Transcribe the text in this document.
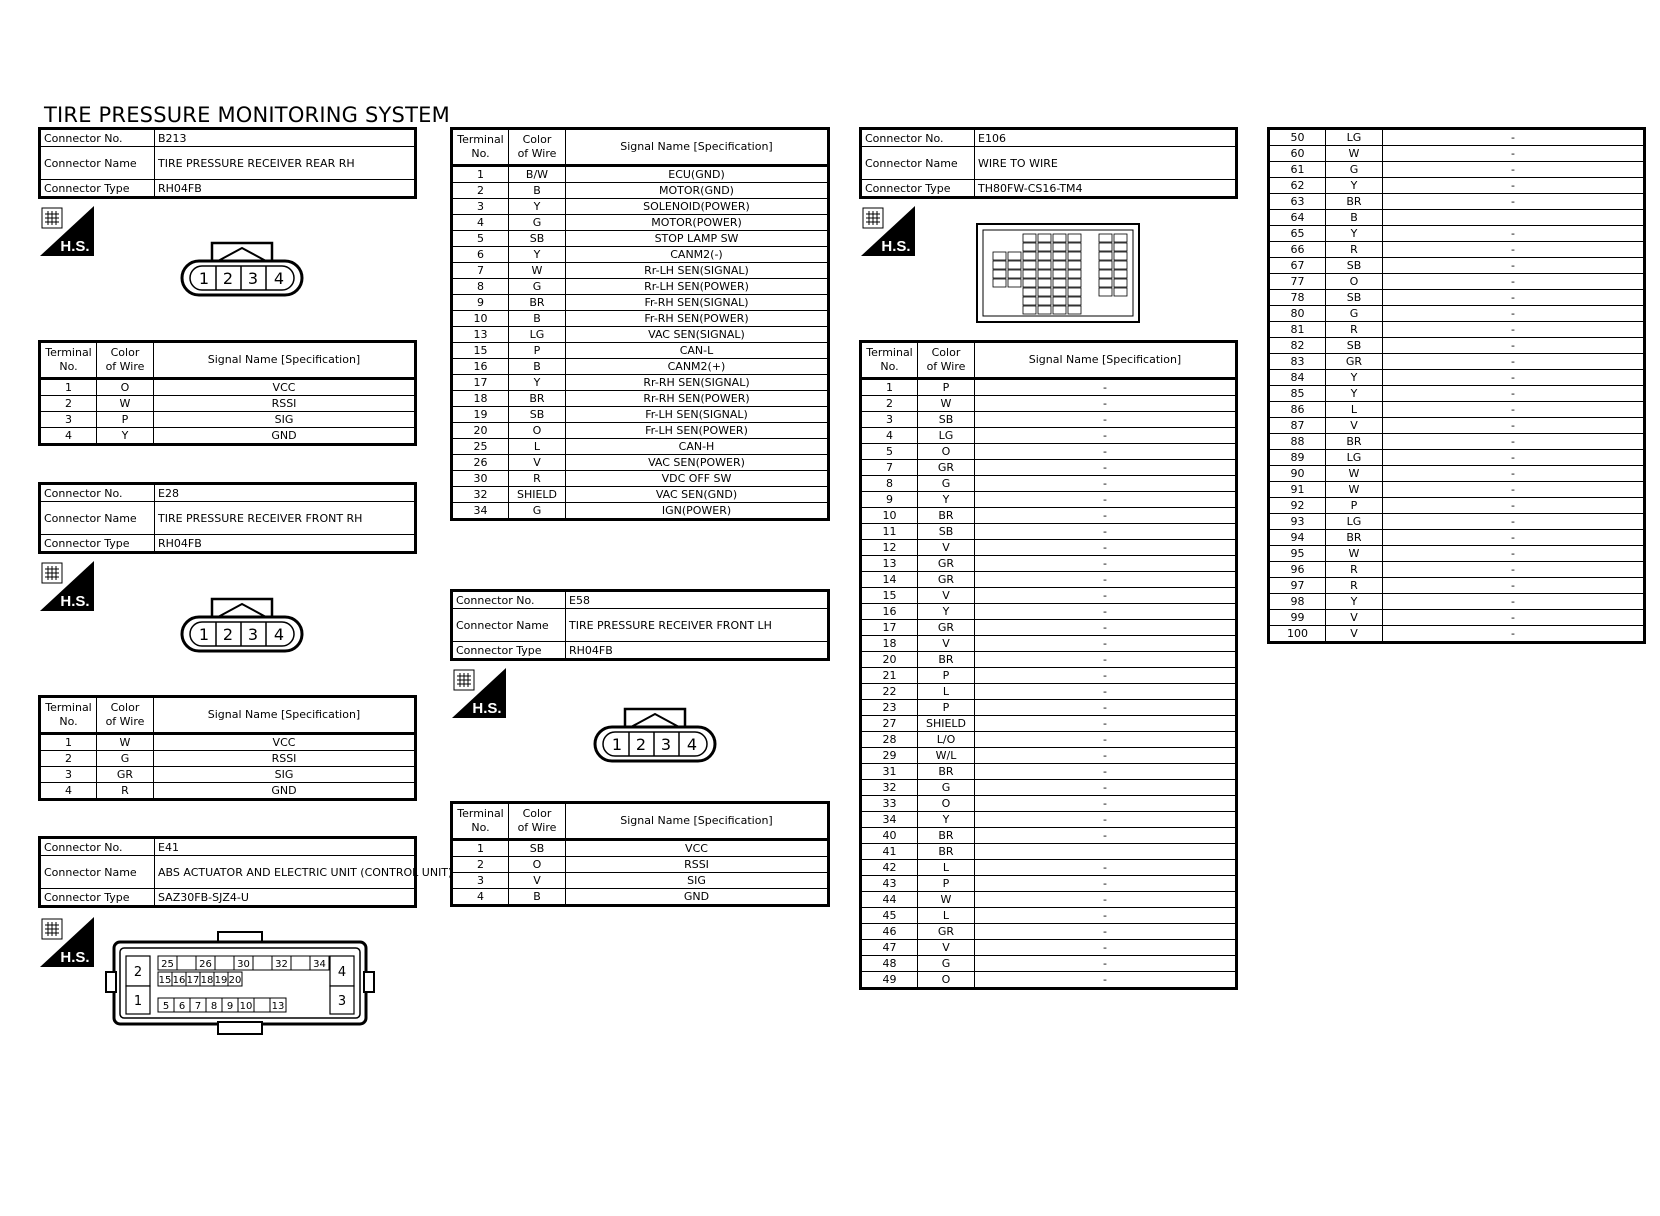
TIRE PRESSURE MONITORING SYSTEM
Connector No.	B213
Connector Name	TIRE PRESSURE RECEIVER REAR RH
Connector Type	RH04FB
H.S.
1 2 3 4
Terminal
No.	Color
of Wire	Signal Name [Specification]
1	O	VCC
2	W	RSSI
3	P	SIG
4	Y	GND
Connector No.	E28
Connector Name	TIRE PRESSURE RECEIVER FRONT RH
Connector Type	RH04FB
H.S.
1 2 3 4
Terminal
No.	Color
of Wire	Signal Name [Specification]
1	W	VCC
2	G	RSSI
3	GR	SIG
4	R	GND
Connector No.	E41
Connector Name	ABS ACTUATOR AND ELECTRIC UNIT (CONTROL UNIT)
Connector Type	SAZ30FB-SJZ4-U
H.S.
2
1
4
3
25	26	30	32	34
15 16 17 18 19 20
5 6 7 8 9 10 13
Terminal
No.	Color
of Wire	Signal Name [Specification]
1	B/W	ECU(GND)
2	B	MOTOR(GND)
3	Y	SOLENOID(POWER)
4	G	MOTOR(POWER)
5	SB	STOP LAMP SW
6	Y	CANM2(-)
7	W	Rr-LH SEN(SIGNAL)
8	G	Rr-LH SEN(POWER)
9	BR	Fr-RH SEN(SIGNAL)
10	B	Fr-RH SEN(POWER)
13	LG	VAC SEN(SIGNAL)
15	P	CAN-L
16	B	CANM2(+)
17	Y	Rr-RH SEN(SIGNAL)
18	BR	Rr-RH SEN(POWER)
19	SB	Fr-LH SEN(SIGNAL)
20	O	Fr-LH SEN(POWER)
25	L	CAN-H
26	V	VAC SEN(POWER)
30	R	VDC OFF SW
32	SHIELD	VAC SEN(GND)
34	G	IGN(POWER)
Connector No.	E58
Connector Name	TIRE PRESSURE RECEIVER FRONT LH
Connector Type	RH04FB
H.S.
1 2 3 4
Terminal
No.	Color
of Wire	Signal Name [Specification]
1	SB	VCC
2	O	RSSI
3	V	SIG
4	B	GND
Connector No.	E106
Connector Name	WIRE TO WIRE
Connector Type	TH80FW-CS16-TM4
H.S.
Terminal
No.	Color
of Wire	Signal Name [Specification]
1	P	-
2	W	-
3	SB	-
4	LG	-
5	O	-
7	GR	-
8	G	-
9	Y	-
10	BR	-
11	SB	-
12	V	-
13	GR	-
14	GR	-
15	V	-
16	Y	-
17	GR	-
18	V	-
20	BR	-
21	P	-
22	L	-
23	P	-
27	SHIELD	-
28	L/O	-
29	W/L	-
31	BR	-
32	G	-
33	O	-
34	Y	-
40	BR	-
41	BR	
42	L	-
43	P	-
44	W	-
45	L	-
46	GR	-
47	V	-
48	G	-
49	O	-
50	LG	-
60	W	-
61	G	-
62	Y	-
63	BR	-
64	B	
65	Y	-
66	R	-
67	SB	-
77	O	-
78	SB	-
80	G	-
81	R	-
82	SB	-
83	GR	-
84	Y	-
85	Y	-
86	L	-
87	V	-
88	BR	-
89	LG	-
90	W	-
91	W	-
92	P	-
93	LG	-
94	BR	-
95	W	-
96	R	-
97	R	-
98	Y	-
99	V	-
100	V	-
